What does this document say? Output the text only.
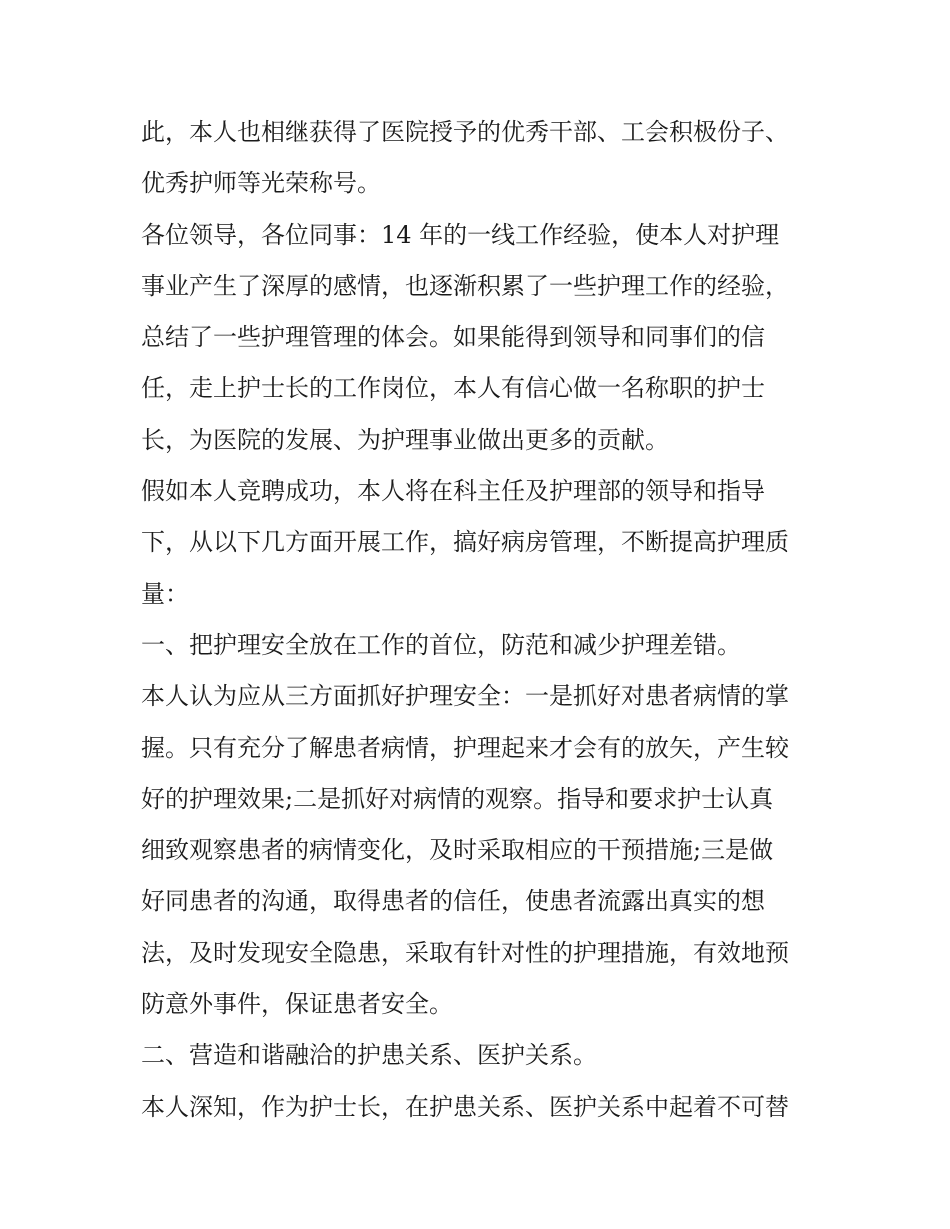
此，本人也相继获得了医院授予的优秀干部、工会积极份子、
优秀护师等光荣称号。
各位领导，各位同事：14 年的一线工作经验，使本人对护理
事业产生了深厚的感情，也逐渐积累了一些护理工作的经验，
总结了一些护理管理的体会。如果能得到领导和同事们的信
任，走上护士长的工作岗位，本人有信心做一名称职的护士
长，为医院的发展、为护理事业做出更多的贡献。
假如本人竞聘成功，本人将在科主任及护理部的领导和指导
下，从以下几方面开展工作，搞好病房管理，不断提高护理质
量：
一、把护理安全放在工作的首位，防范和减少护理差错。
本人认为应从三方面抓好护理安全：一是抓好对患者病情的掌
握。只有充分了解患者病情，护理起来才会有的放矢，产生较
好的护理效果;二是抓好对病情的观察。指导和要求护士认真
细致观察患者的病情变化，及时采取相应的干预措施;三是做
好同患者的沟通，取得患者的信任，使患者流露出真实的想
法，及时发现安全隐患，采取有针对性的护理措施，有效地预
防意外事件，保证患者安全。
二、营造和谐融洽的护患关系、医护关系。
本人深知，作为护士长，在护患关系、医护关系中起着不可替
